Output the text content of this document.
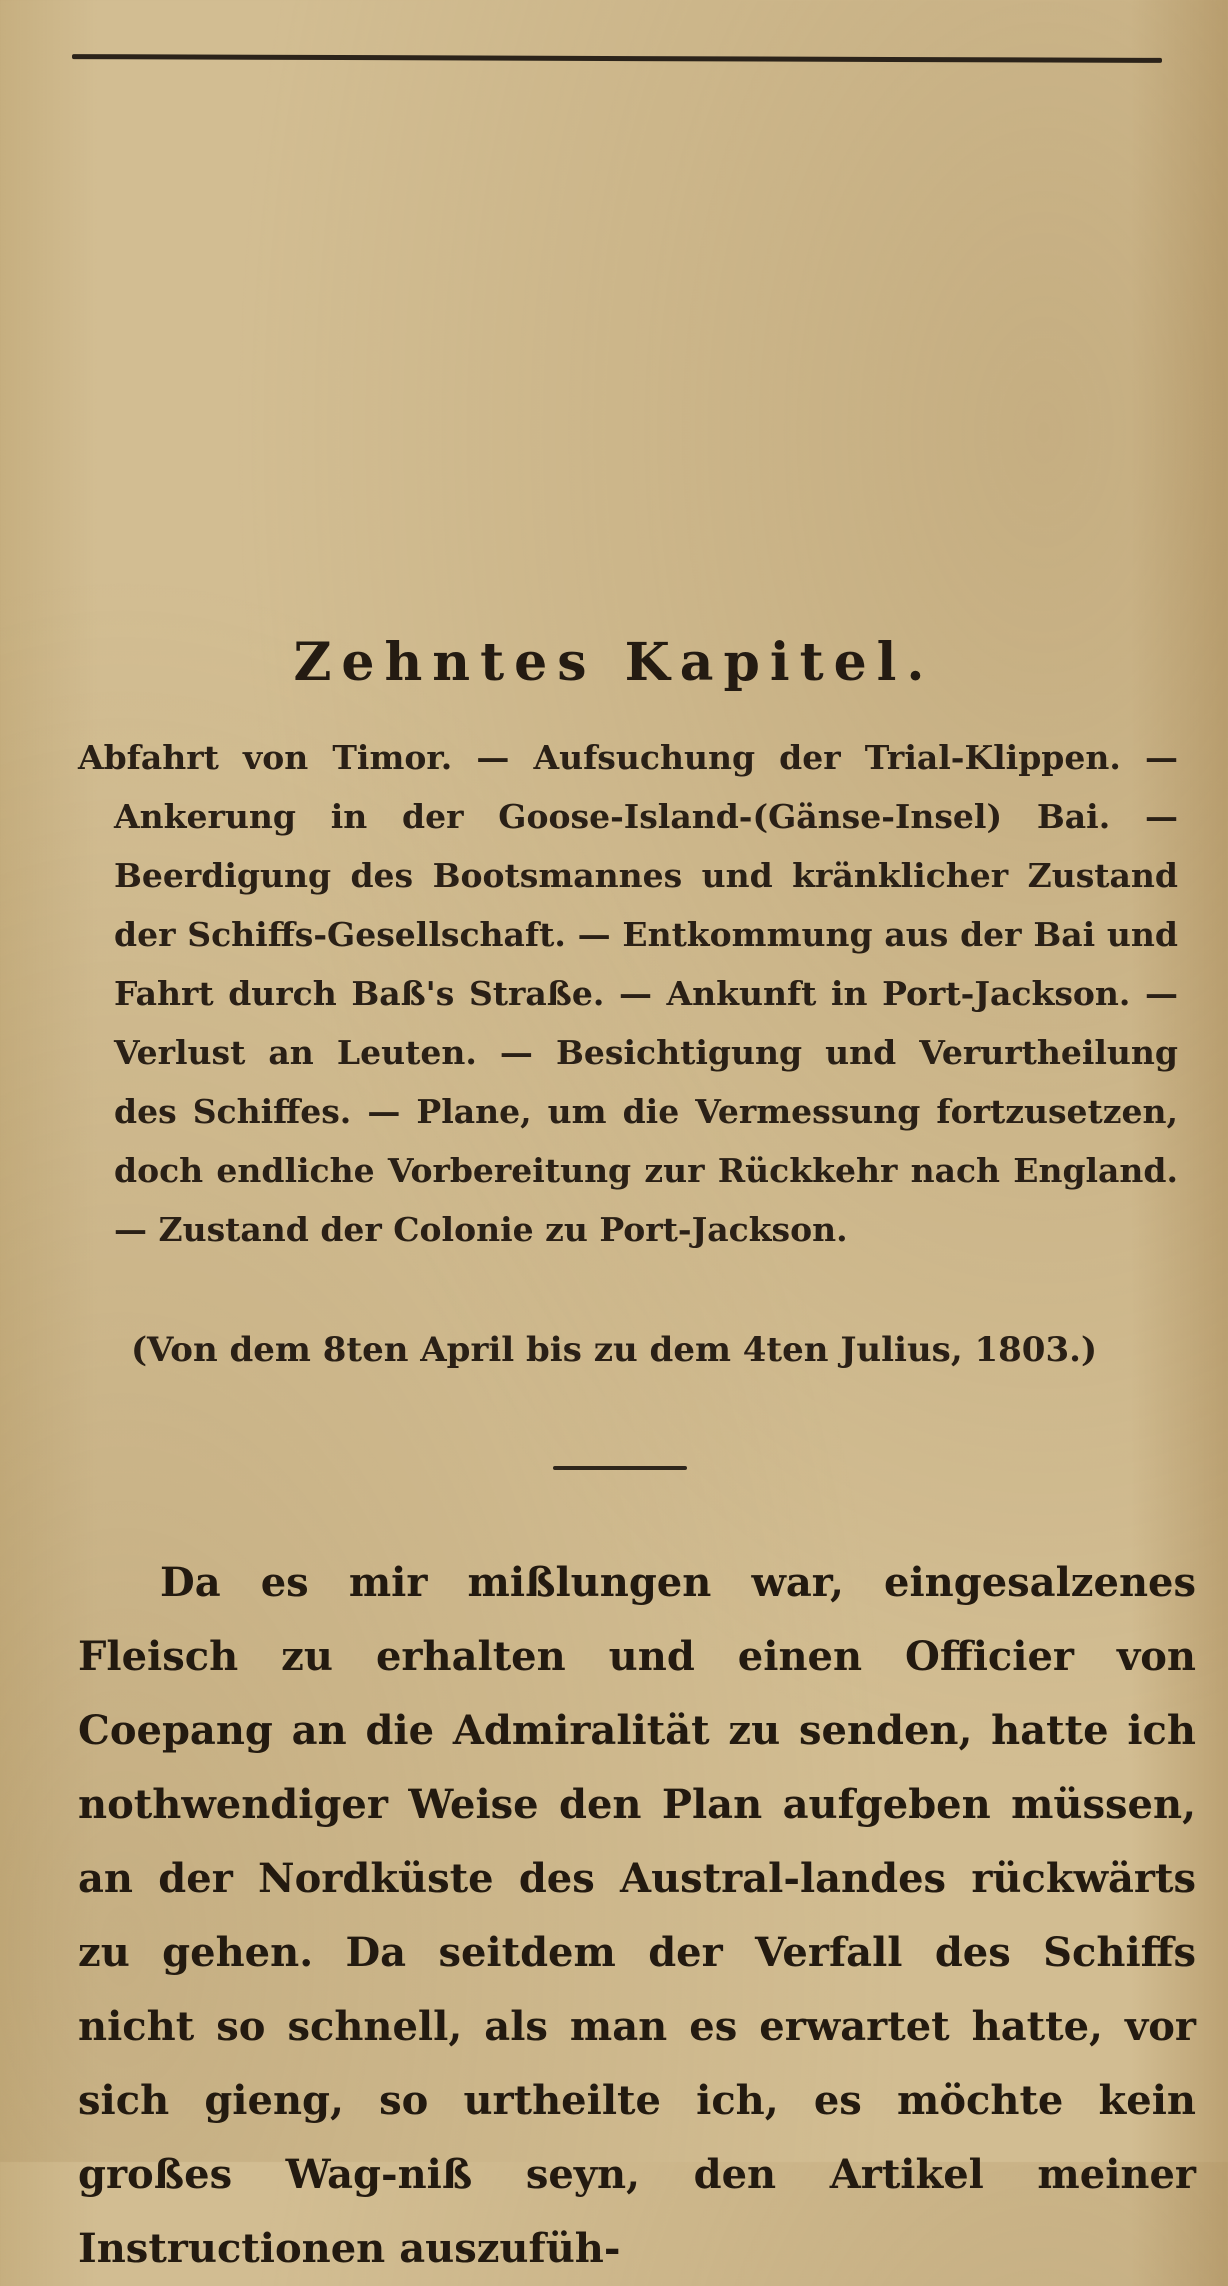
Zehntes Kapitel.

Abfahrt von Timor. — Aufsuchung der Trial-Klippen. — Ankerung in der Goose-Island-(Gänse-Insel) Bai. — Beerdigung des Bootsmannes und kränklicher Zustand der Schiffs-Gesellschaft. — Entkommung aus der Bai und Fahrt durch Baß's Straße. — Ankunft in Port-Jackson. — Verlust an Leuten. — Besichtigung und Verurtheilung des Schiffes. — Plane, um die Vermessung fortzusetzen, doch endliche Vorbereitung zur Rückkehr nach England. — Zustand der Colonie zu Port-Jackson.

(Von dem 8ten April bis zu dem 4ten Julius, 1803.)

Da es mir mißlungen war, eingesalzenes Fleisch zu erhalten und einen Officier von Coepang an die Admiralität zu senden, hatte ich nothwendiger Weise den Plan aufgeben müssen, an der Nordküste des Austral-landes rückwärts zu gehen. Da seitdem der Verfall des Schiffs nicht so schnell, als man es erwartet hatte, vor sich gieng, so urtheilte ich, es möchte kein großes Wag-niß seyn, den Artikel meiner Instructionen auszufüh-
